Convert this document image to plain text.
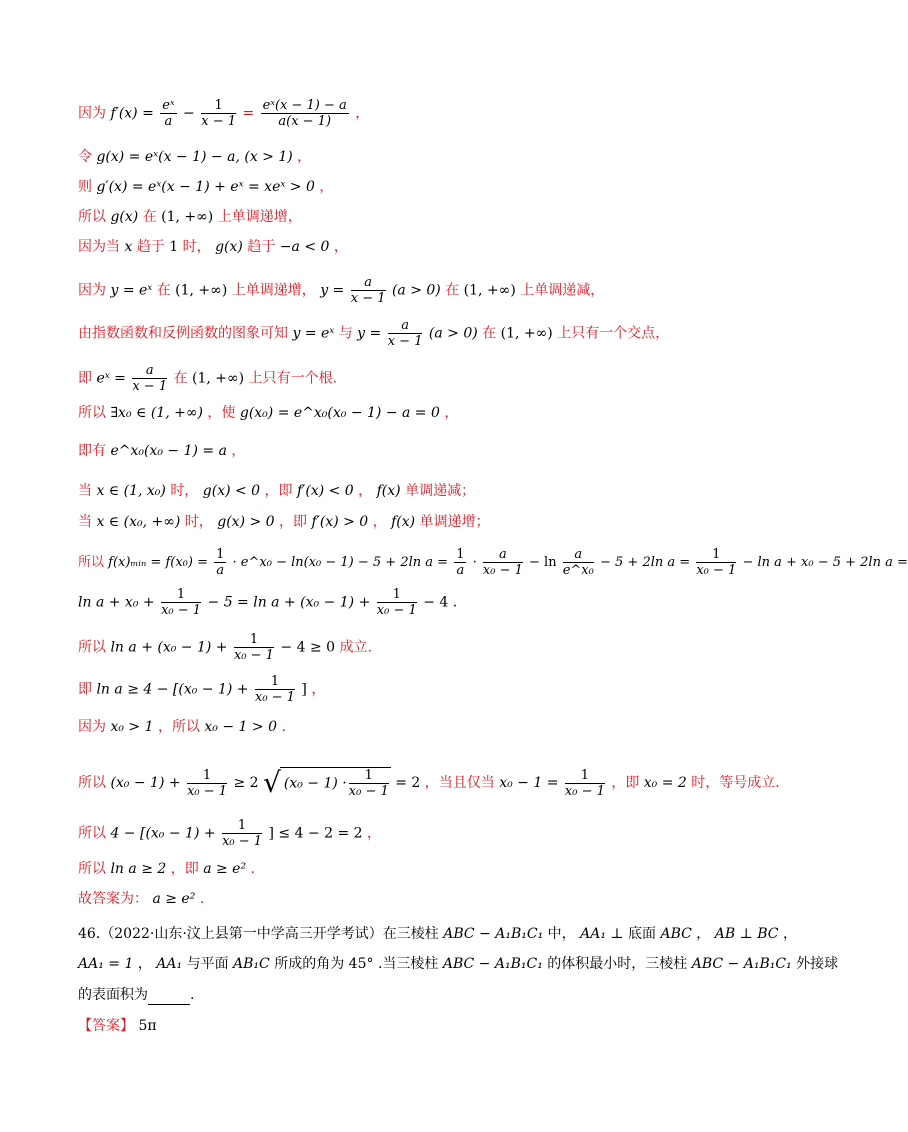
因为 $f'(x) = \frac{\text{eˣ}}{a} - \frac{1}{x - 1} = \frac{\text{eˣ(x − 1) − a}}{a(x - 1)}$ ，
令 g(x) = eˣ(x − 1) − a, (x > 1) ，
则 g′(x) = eˣ(x − 1) + eˣ = xeˣ > 0 ，
所以 g(x) 在 (1, +∞) 上单调递增，
因为当 x 趋于 1 时， g(x) 趋于 −a < 0 ，
因为 y = eˣ 在 (1, +∞) 上单调递增， $y = \frac{a}{x - 1} (a > 0)$ 在 (1, +∞) 上单调递减，
由指数函数和反例函数的图象可知 y = eˣ 与 $y = \frac{a}{x - 1} (a > 0)$ 在 (1, +∞) 上只有一个交点，
即 eˣ = $\frac{a}{x - 1}$ 在 (1, +∞) 上只有一个根.
所以 ∃x₀ ∈ (1, +∞) ，使 g(x₀) = e^x₀(x₀ − 1) − a = 0 ，
即有 e^x₀(x₀ − 1) = a ，
当 x ∈ (1, x₀) 时， g(x) < 0 ，即 f′(x) < 0 ， f(x) 单调递减；
当 x ∈ (x₀, +∞) 时， g(x) > 0 ，即 f′(x) > 0 ， f(x) 单调递增；
所以 f(x)ₘᵢₙ = $f(x_0) = \frac{1}{a}$ · e^x₀ − ln(x₀ − 1) − 5 + 2ln $a = \frac{1}{a} \cdot \frac{a}{\text{x₀ − 1}} - \ln \frac{a}{\text{e\textasciicircum{}x₀}} - 5 + 2\ln$ $a = \frac{1}{\text{x₀ − 1}} - \ln a + x_0 - 5 + 2\ln$ a =
$\ln a + x_0 + \frac{1}{\text{x₀ − 1}} - 5 = \ln a + (x_0 - 1) + \frac{1}{\text{x₀ − 1}} - 4$ .
所以 $\ln a + (x_0 - 1) + \frac{1}{\text{x₀ − 1}} - 4 \ge 0$ 成立.
即 $\ln a \ge 4 - [(x_0 - 1) + \frac{1}{\text{x₀ − 1}}$ ] ，
因为 x₀ > 1 ，所以 x₀ − 1 > 0 .
所以 $(x_0 - 1) + \frac{1}{\text{x₀ − 1}} \ge 2$ √ $(x_0 - 1) \cdot \frac{1}{\text{x₀ − 1}} = 2$ ，当且仅当 $x_0 - 1 = \frac{1}{\text{x₀ − 1}}$ ，即 x₀ = 2 时，等号成立.
所以 $4 - [(x_0 - 1) + \frac{1}{\text{x₀ − 1}}$ ] ≤ 4 − 2 = 2 ，
所以 ln a ≥ 2 ，即 a ≥ e² .
故答案为： a ≥ e² .
46.（2022·山东·汶上县第一中学高三开学考试）在三棱柱 ABC − A₁B₁C₁ 中， AA₁ ⊥ 底面 ABC ， AB ⊥ BC ，
AA₁ = 1 ， AA₁ 与平面 AB₁C 所成的角为 45° .当三棱柱 ABC − A₁B₁C₁ 的体积最小时，三棱柱 ABC − A₁B₁C₁ 外接球
的表面积为	.
【答案】 5π
